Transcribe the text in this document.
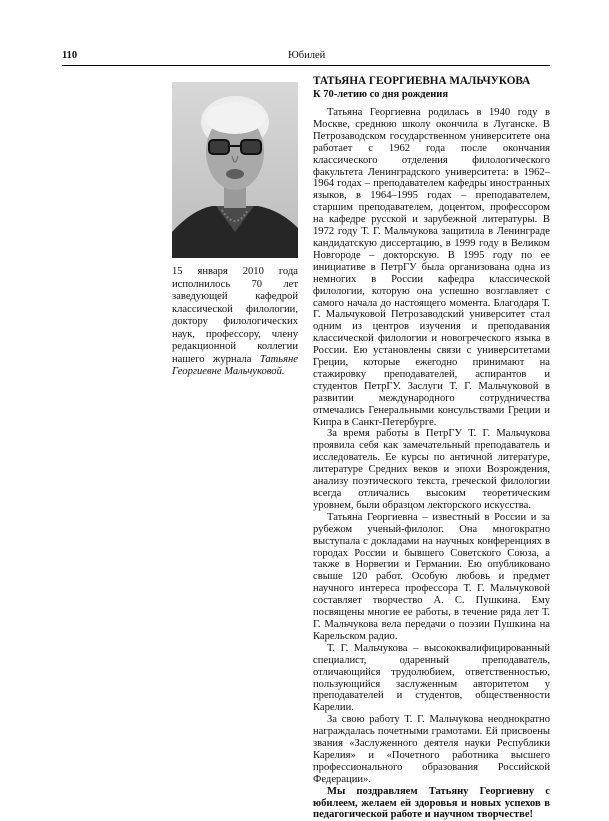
110	Юбилей
15 января 2010 года исполнилось 70 лет заведующей кафедрой классической филологии, доктору филологических наук, профессору, члену редакционной коллегии нашего журнала Татьяне Георгиевне Мальчуковой.
ТАТЬЯНА ГЕОРГИЕВНА МАЛЬЧУКОВА
К 70-летию со дня рождения

Татьяна Георгиевна родилась в 1940 году в Москве, среднюю школу окончила в Луганске. В Петрозаводском государственном университете она работает с 1962 года после окончания классического отделения филологического факультета Ленинградского университета: в 1962–1964 годах – преподавателем кафедры иностранных языков, в 1964–1995 годах – преподавателем, старшим преподавателем, доцентом, профессором на кафедре русской и зарубежной литературы. В 1972 году Т. Г. Мальчукова защитила в Ленинграде кандидатскую диссертацию, в 1999 году в Великом Новгороде – докторскую. В 1995 году по ее инициативе в ПетрГУ была организована одна из немногих в России кафедра классической филологии, которую она успешно возглавляет с самого начала до настоящего момента. Благодаря Т. Г. Мальчуковой Петрозаводский университет стал одним из центров изучения и преподавания классической филологии и новогреческого языка в России. Ею установлены связи с университетами Греции, которые ежегодно принимают на стажировку преподавателей, аспирантов и студентов ПетрГУ. Заслуги Т. Г. Мальчуковой в развитии международного сотрудничества отмечались Генеральными консульствами Греции и Кипра в Санкт-Петербурге.

За время работы в ПетрГУ Т. Г. Мальчукова проявила себя как замечательный преподаватель и исследователь. Ее курсы по античной литературе, литературе Средних веков и эпохи Возрождения, анализу поэтического текста, греческой филологии всегда отличались высоким теоретическим уровнем, были образцом лекторского искусства.

Татьяна Георгиевна – известный в России и за рубежом ученый-филолог. Она многократно выступала с докладами на научных конференциях в городах России и бывшего Советского Союза, а также в Норвегии и Германии. Ею опубликовано свыше 120 работ. Особую любовь и предмет научного интереса профессора Т. Г. Мальчуковой составляет творчество А. С. Пушкина. Ему посвящены многие ее работы, в течение ряда лет Т. Г. Мальчукова вела передачи о поэзии Пушкина на Карельском радио.

Т. Г. Мальчукова – высококвалифицированный специалист, одаренный преподаватель, отличающийся трудолюбием, ответственностью, пользующийся заслуженным авторитетом у преподавателей и студентов, общественности Карелии.

За свою работу Т. Г. Мальчукова неоднократно награждалась почетными грамотами. Ей присвоены звания «Заслуженного деятеля науки Республики Карелия» и «Почетного работника высшего профессионального образования Российской Федерации».

Мы поздравляем Татьяну Георгиевну с юбилеем, желаем ей здоровья и новых успехов в педагогической работе и научном творчестве!
